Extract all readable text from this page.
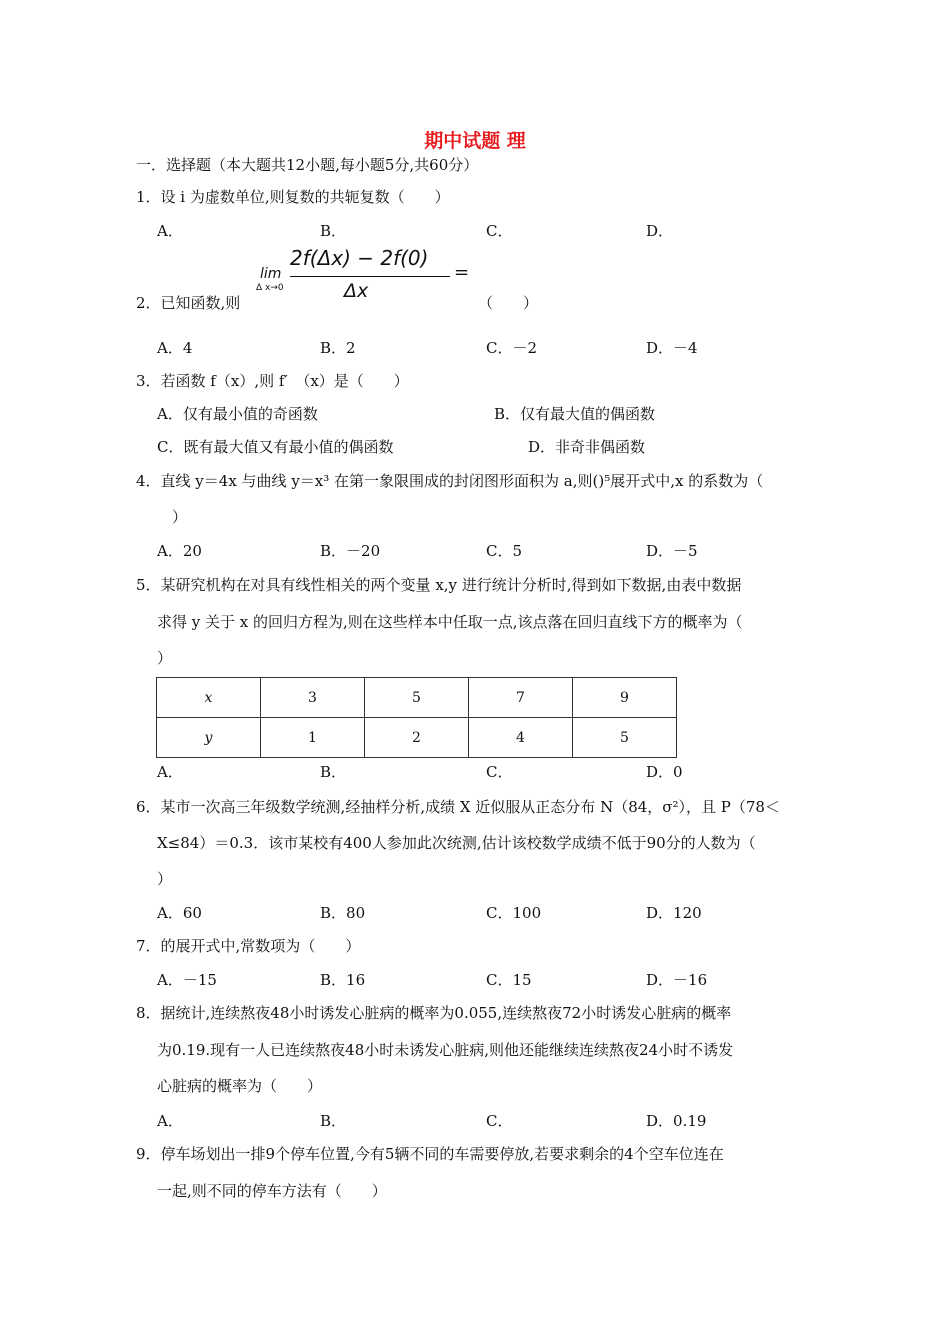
期中试题 理
一．选择题（本大题共12小题,每小题5分,共60分）
1．设 i 为虚数单位,则复数的共轭复数（　　）
A．	B．	C．	D．
2．已知函数,则
lim
Δ x→0
2f(Δx) − 2f(0)
Δx
=
（　　）
A．4	B．2	C．－2	D．－4
3．若函数 f（x）,则 f′　（x）是（　　）
A．仅有最小值的奇函数	B．仅有最大值的偶函数
C．既有最大值又有最小值的偶函数	D．非奇非偶函数
4．直线 y＝4x 与曲线 y＝x³ 在第一象限围成的封闭图形面积为 a,则()⁵展开式中,x 的系数为（
）
A．20	B．－20	C．5	D．－5
5．某研究机构在对具有线性相关的两个变量 x,y 进行统计分析时,得到如下数据,由表中数据
求得 y 关于 x 的回归方程为,则在这些样本中任取一点,该点落在回归直线下方的概率为（
）
x	3	5	7	9
y	1	2	4	5
A．	B．	C．	D．0
6．某市一次高三年级数学统测,经抽样分析,成绩 X 近似服从正态分布 N（84，σ²），且 P（78＜
X≤84）＝0.3．该市某校有400人参加此次统测,估计该校数学成绩不低于90分的人数为（
）
A．60	B．80	C．100	D．120
7．的展开式中,常数项为（　　）
A．－15	B．16	C．15	D．－16
8．据统计,连续熬夜48小时诱发心脏病的概率为0.055,连续熬夜72小时诱发心脏病的概率
为0.19.现有一人已连续熬夜48小时未诱发心脏病,则他还能继续连续熬夜24小时不诱发
心脏病的概率为（　　）
A．	B．	C．	D．0.19
9．停车场划出一排9个停车位置,今有5辆不同的车需要停放,若要求剩余的4个空车位连在
一起,则不同的停车方法有（　　）
